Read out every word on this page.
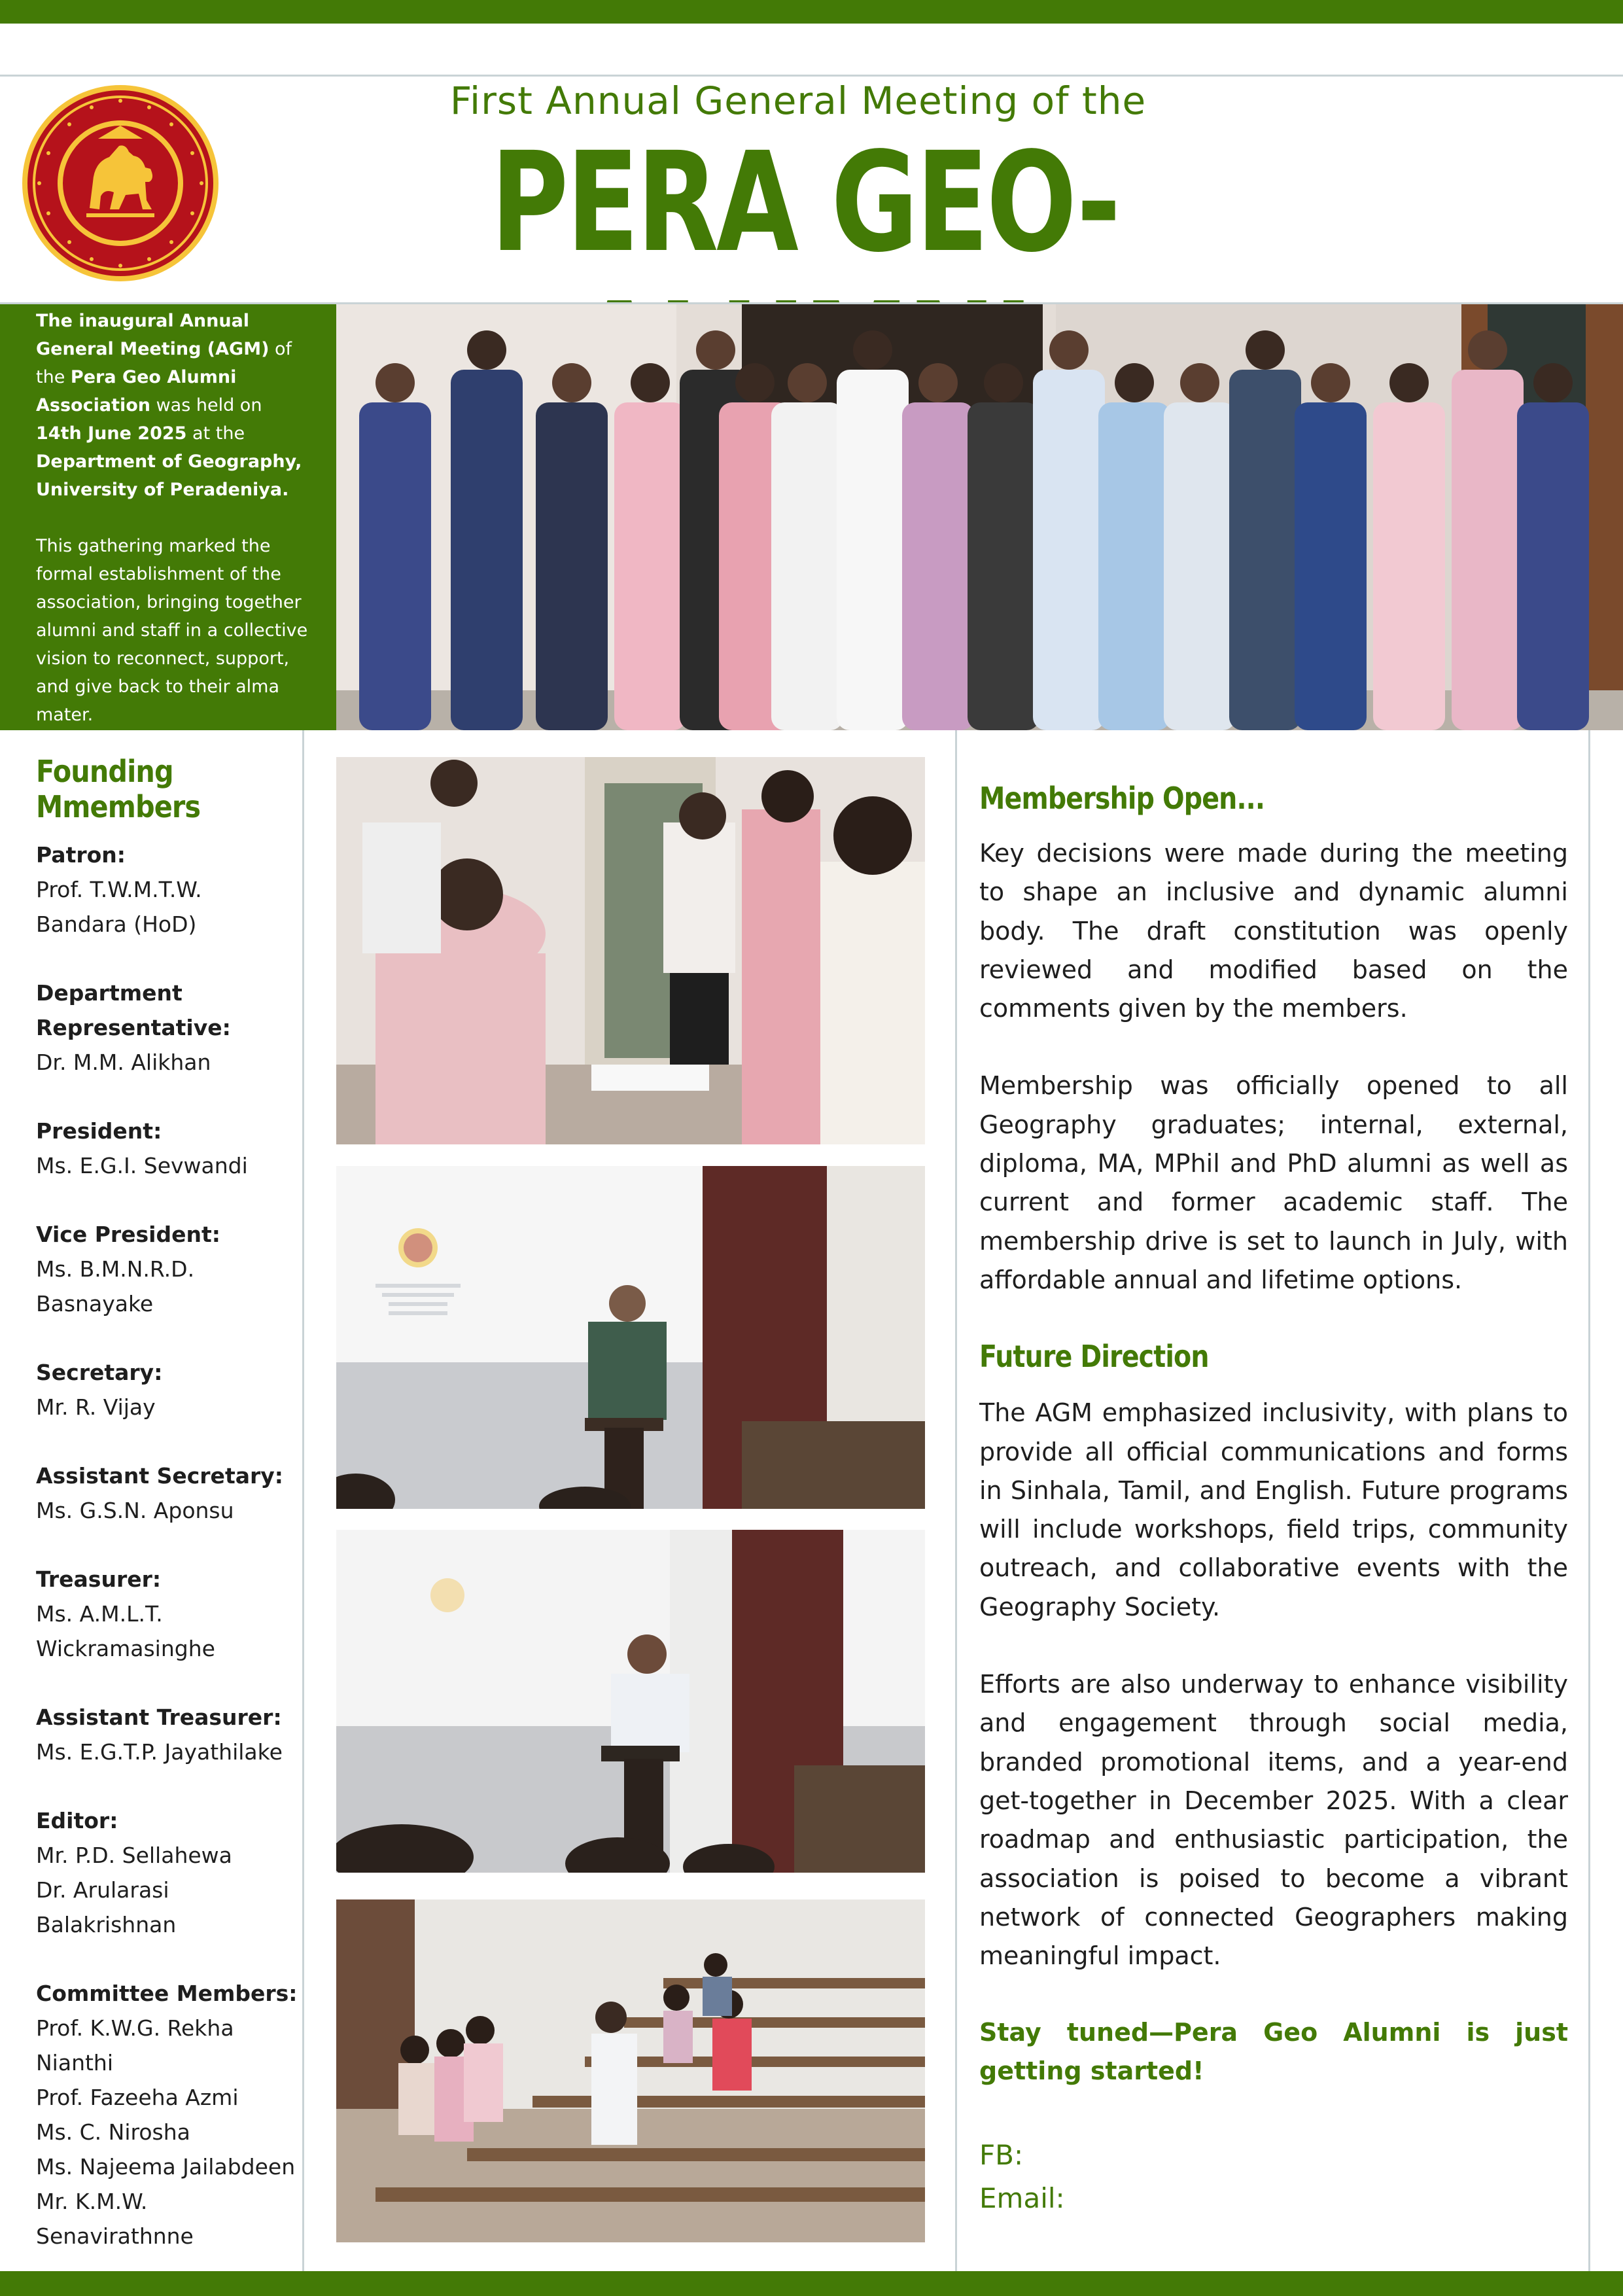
First Annual General Meeting of the
PERA GEO-

The inaugural Annual General Meeting (AGM) of the Pera Geo Alumni Association was held on 14th June 2025 at the Department of Geography, University of Peradeniya.

This gathering marked the formal establishment of the association, bringing together alumni and staff in a collective vision to reconnect, support, and give back to their alma mater.

Founding Mmembers
Patron:
Prof. T.W.M.T.W.
Bandara (HoD)
Department Representative:
Dr. M.M. Alikhan
President:
Ms. E.G.I. Sevwandi
Vice President:
Ms. B.M.N.R.D.
Basnayake
Secretary:
Mr. R. Vijay
Assistant Secretary:
Ms. G.S.N. Aponsu
Treasurer:
Ms. A.M.L.T.
Wickramasinghe
Assistant Treasurer:
Ms. E.G.T.P. Jayathilake
Editor:
Mr. P.D. Sellahewa
Dr. Arularasi
Balakrishnan
Committee Members:
Prof. K.W.G. Rekha
Nianthi
Prof. Fazeeha Azmi
Ms. C. Nirosha
Ms. Najeema Jailabdeen
Mr. K.M.W.
Senavirathnne
Membership Open...

Key decisions were made during the meeting to shape an inclusive and dynamic alumni body. The draft constitution was openly reviewed and modified based on the comments given by the members.

Membership was officially opened to all Geography graduates; internal, external, diploma, MA, MPhil and PhD alumni as well as current and former academic staff. The membership drive is set to launch in July, with affordable annual and lifetime options.

Future Direction

The AGM emphasized inclusivity, with plans to provide all official communications and forms in Sinhala, Tamil, and English. Future programs will include workshops, field trips, community outreach, and collaborative events with the Geography Society.

Efforts are also underway to enhance visibility and engagement through social media, branded promotional items, and a year-end get-together in December 2025. With a clear roadmap and enthusiastic participation, the association is poised to become a vibrant network of connected Geographers making meaningful impact.

Stay tuned—Pera Geo Alumni is just getting started!
FB:
Email:
